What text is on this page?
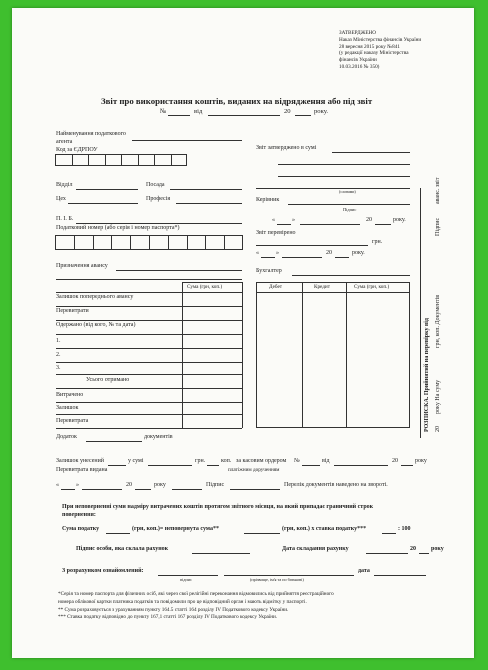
ЗАТВЕРДЖЕНО
Наказ Міністерства фінансів України
28 вересня 2015 року №841
(у редакції наказу Міністерства
фінансів України
10.03.2016 № 350)
Звіт про використання коштів, виданих на відрядження або під звіт
№	від	20	року.
Найменування податкового агента
Код за ЄДРПОУ
Відділ	Посада
Цех	Професія
П. І. Б.
Податковий номер (або серія і номер паспорта*)
Призначення авансу
Сума (грн, коп.)
Залишок попереднього авансу
Перевитрати
Одержано (від кого, № та дата)
1.
2.
3.
Усього отримано
Витрачено
Залишок
Перевитрата
Додаток	документів
Звіт затверджено в сумі
(словами)
Керівник
Підпис
«	»	20	року.
Звіт перевірено
грн.
«	»	20	року.
Бухгалтер
Дебет	Кредит	Сума (грн, коп.)
РОЗПИСКА. Прийнятий на перевірку від 20
року На суму
грн, коп. Документів
аванс. звіт
Підпис
Залишок унесений	у сумі	грн.	коп. за касовим ордером №	від	20	року
Перевитрата видана	платіжним дорученням
«	»	20	року	Підпис	Перелік документів наведено на звороті.
При неповерненні суми надміру витрачених коштів протягом звітного місяця, на який припадає граничний строк
повернення:
Сума податку	(грн, коп.)= неповернута сума**	(грн, коп.) х ставка податку***	: 100
Підпис особи, яка склала рахунок	Дата складання рахунку	20	року
З розрахунком ознайомлений:
підпис	(прізвище, ім'я та по батькові)
дата
*Серія та номер паспорта для фізичних осіб, які через свої релігійні переконання відмовились від прийняття реєстраційного
номера облікової картки платника податків та повідомили про це відповідний орган і мають відмітку у паспорті.
** Сума розраховується з урахуванням пункту 164.5 статті 164 розділу IV Податкового кодексу України.
*** Ставка податку відповідно до пункту 167,1 статті 167 розділу IV Податкового кодексу України.
